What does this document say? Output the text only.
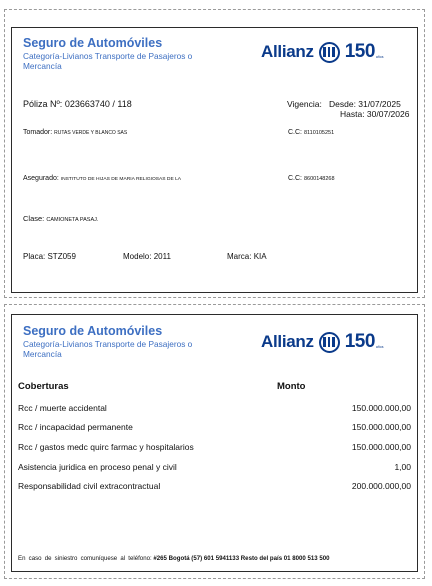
Seguro de Automóviles
Categoría-Livianos Transporte de Pasajeros o Mercancía
Allianz 150 años
Póliza Nº: 023663740 / 118	Vigencia: Desde: 31/07/2025
Hasta: 30/07/2026
Tomador: RUTAS VERDE Y BLANCO SAS	C.C: 8110105251
Asegurado: INSTITUTO DE HIJAS DE MARIA RELIGIOSAS DE LA	C.C: 8600148268
Clase: CAMIONETA PASAJ.
Placa: STZ059	Modelo: 2011	Marca: KIA
Seguro de Automóviles
Categoría-Livianos Transporte de Pasajeros o Mercancía
Allianz 150 años
Coberturas	Monto
Rcc / muerte accidental	150.000.000,00
Rcc / incapacidad permanente	150.000.000,00
Rcc / gastos medc quirc farmac y hospitalarios	150.000.000,00
Asistencia juridica en proceso penal y civil	1,00
Responsabilidad civil extracontractual	200.000.000,00
En caso de siniestro comuníquese al teléfono: #265 Bogotá (57) 601 5941133 Resto del país 01 8000 513 500
